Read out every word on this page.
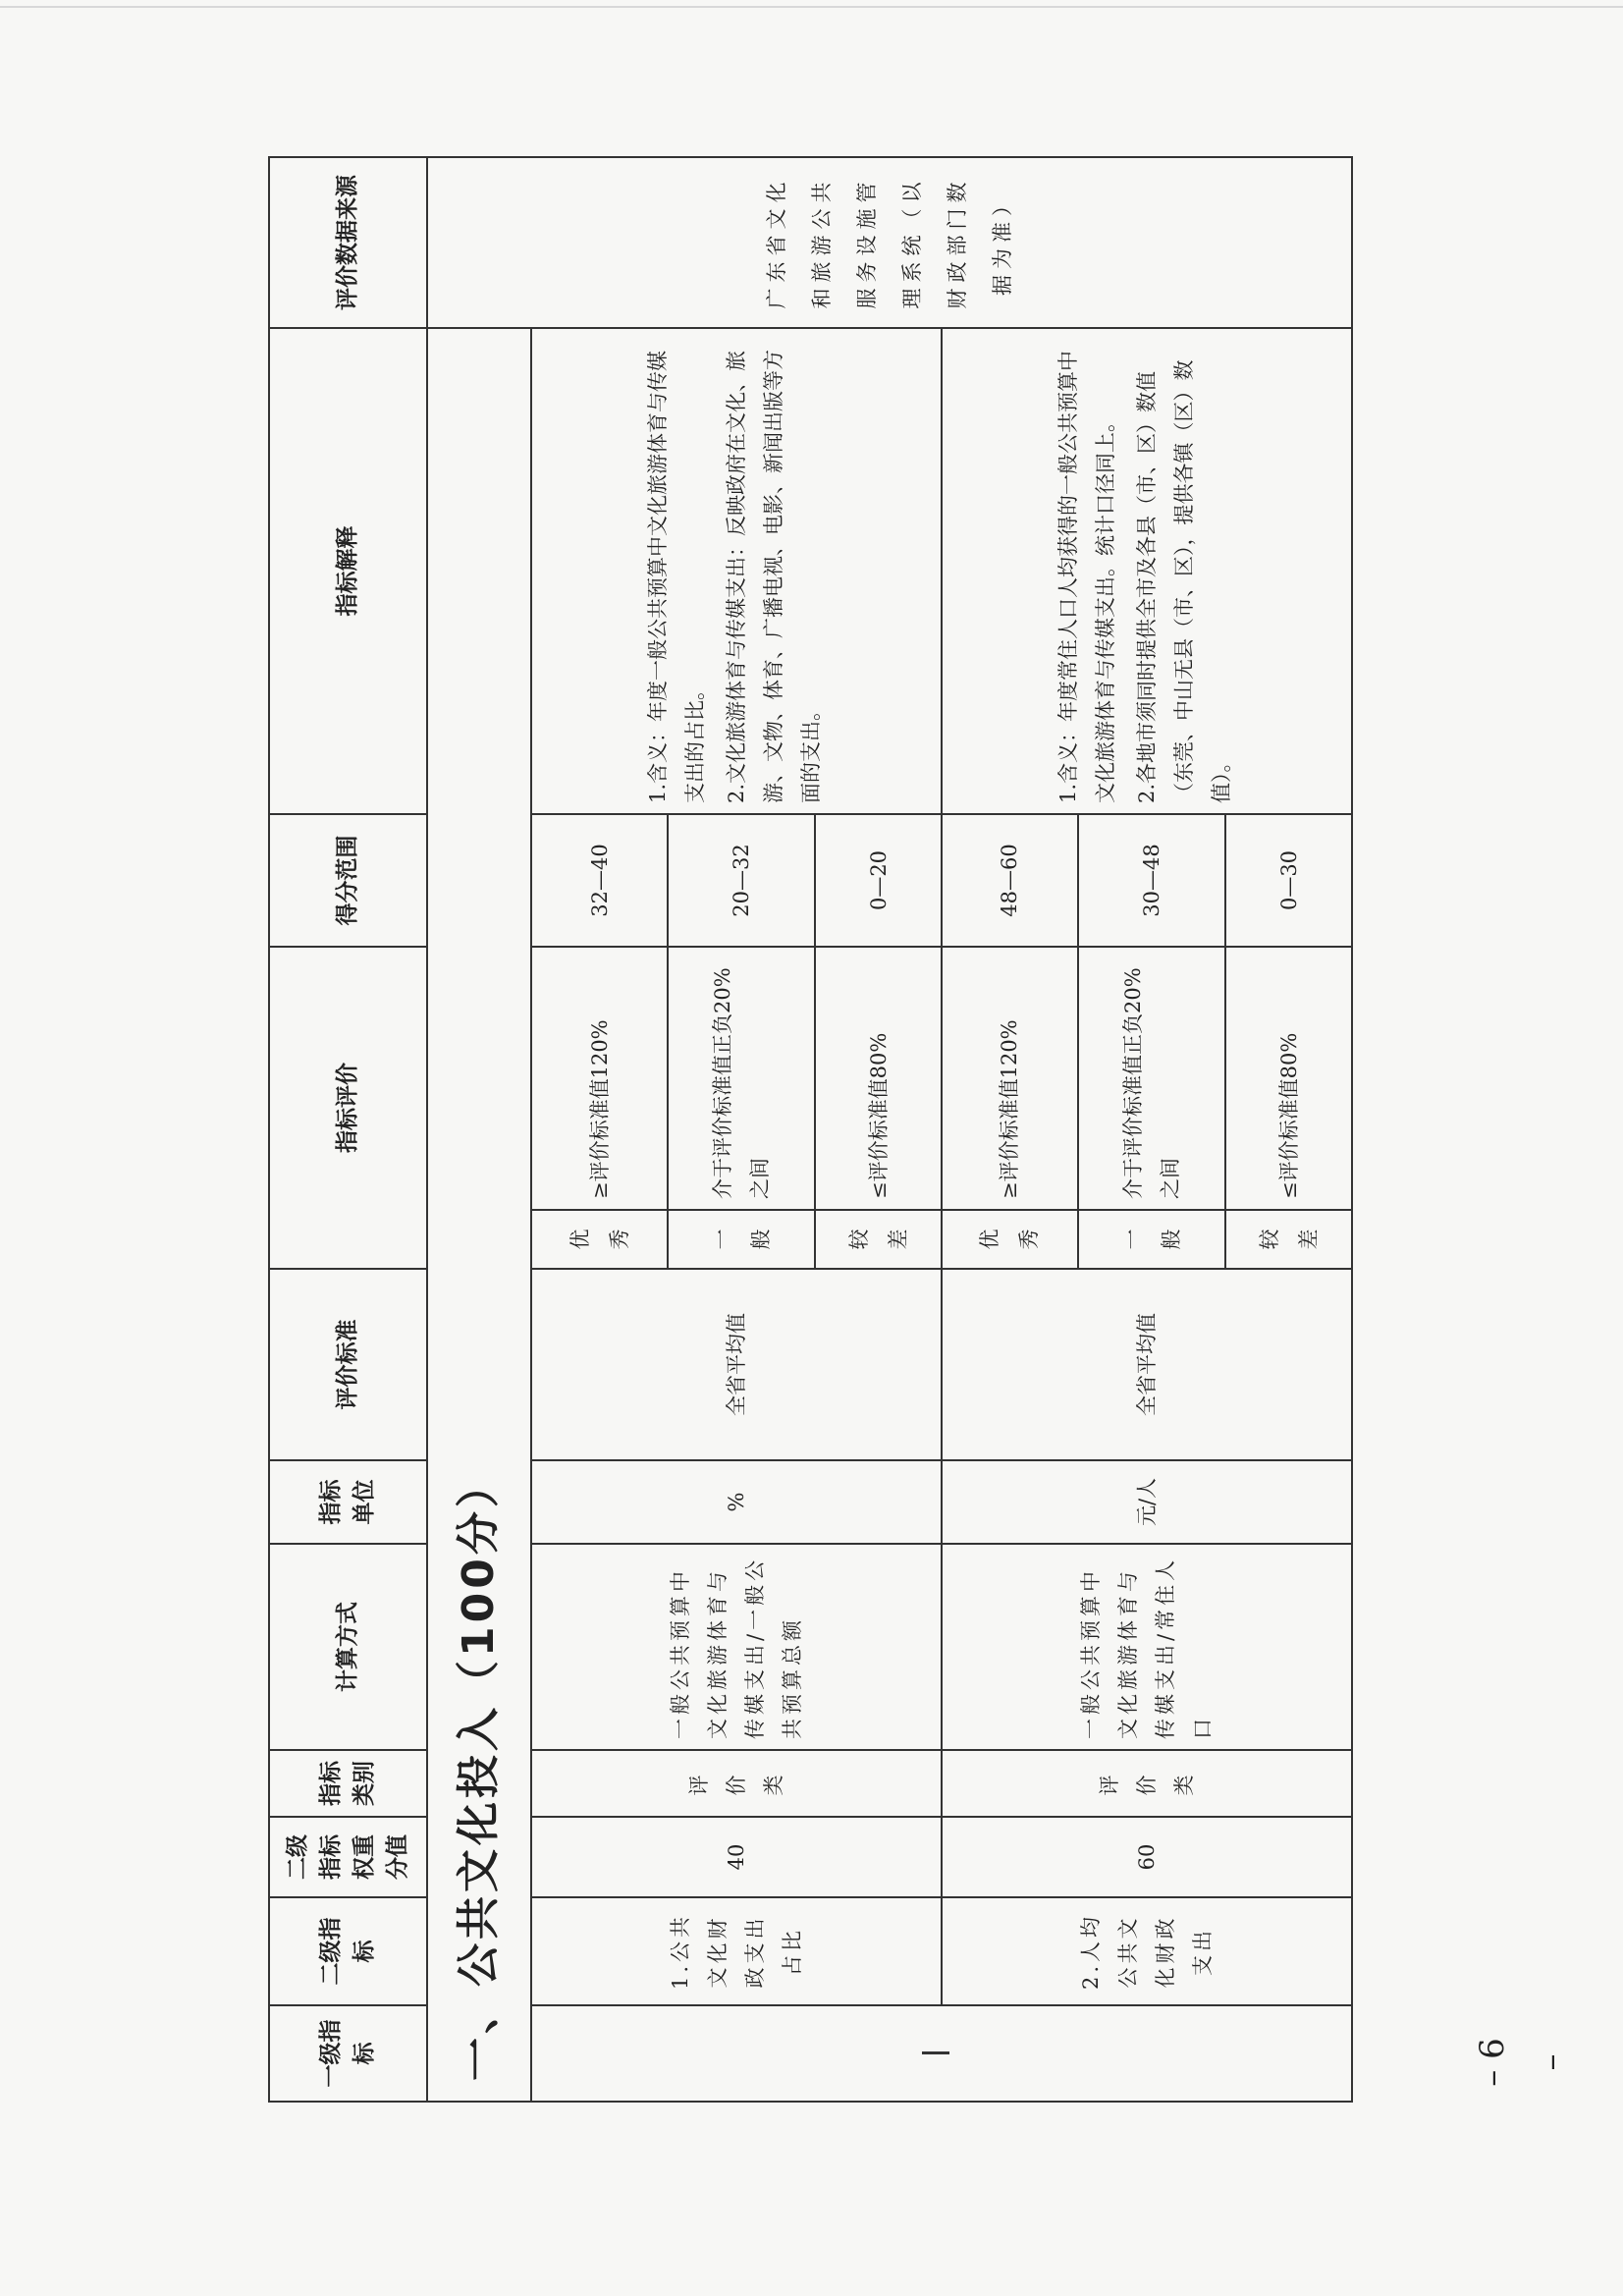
一级指标	二级指标	二级指标权重分值	指标类别	计算方式	指标单位	评价标准	指标评价		得分范围	指标解释	评价数据来源
一、公共文化投入（100分）											广东省文化和旅游公共服务设施管理系统（以财政部门数据为准）
	1.公共文化财政支出占比	40	评价类	一般公共预算中文化旅游体育与传媒支出/一般公共预算总额	%	全省平均值	优秀	≥评价标准值120%	32—40	1.含义：年度一般公共预算中文化旅游体育与传媒支出的占比。 2.文化旅游体育与传媒支出：反映政府在文化、旅游、文物、体育、广播电视、电影、新闻出版等方面的支出。	

							一般	介于评价标准值正负20%之间	20—32		
							较差	≤评价标准值80%	0—20		
	2.人均公共文化财政支出	60	评价类	一般公共预算中文化旅游体育与传媒支出/常住人口	元/人	全省平均值	优秀	≥评价标准值120%	48—60	1.含义：年度常住人口人均获得的一般公共预算中文化旅游体育与传媒支出。统计口径同上。 2.各地市须同时提供全市及各县（市、区）数值（东莞、中山无县（市、区），提供各镇（区）数值）。	

							一般	介于评价标准值正负20%之间	30—48		
							较差	≤评价标准值80%	0—30		
– 6 –
